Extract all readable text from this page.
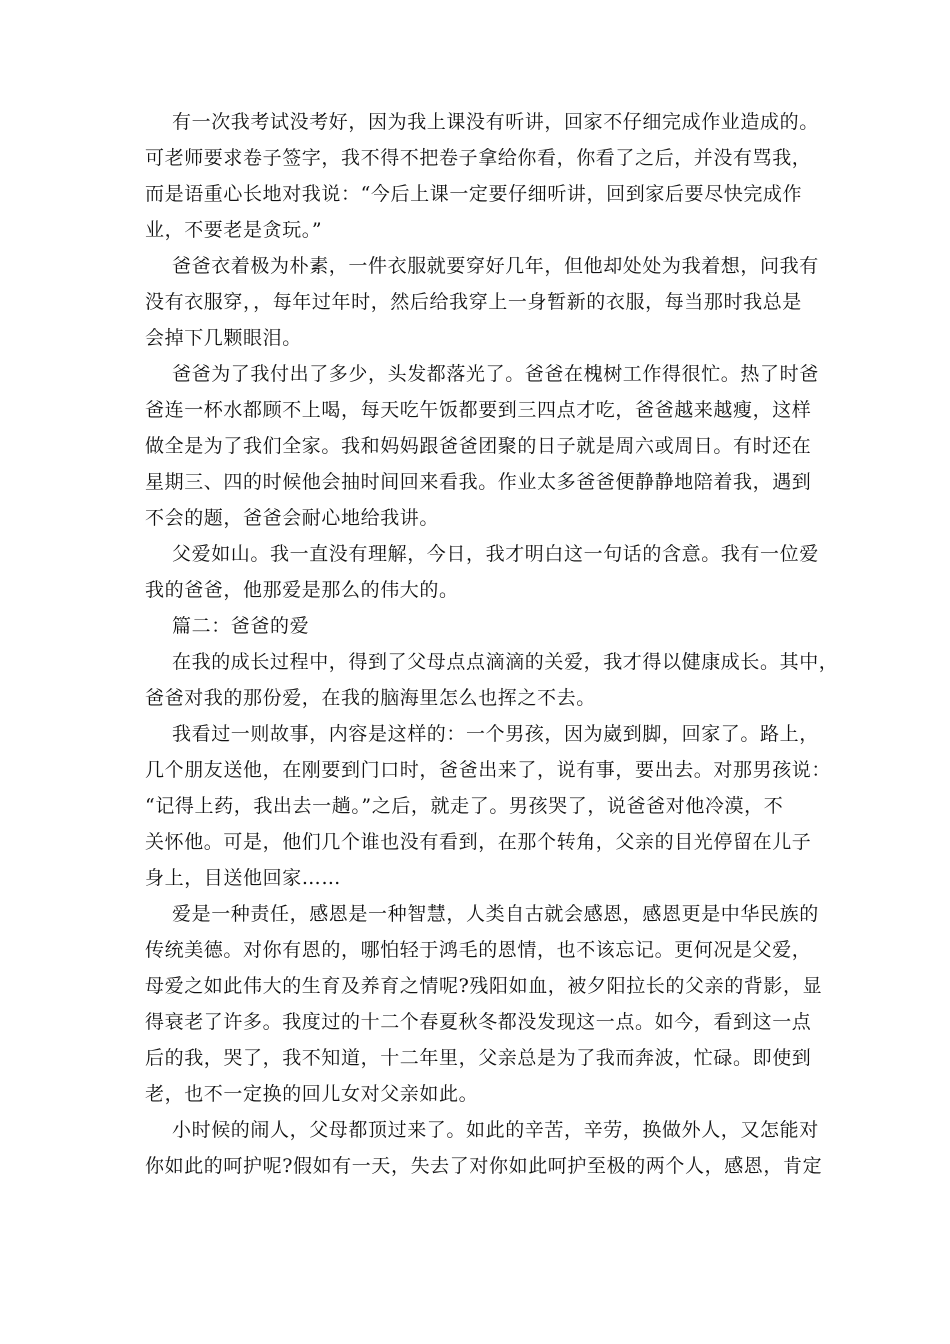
有一次我考试没考好，因为我上课没有听讲，回家不仔细完成作业造成的。
可老师要求卷子签字，我不得不把卷子拿给你看，你看了之后，并没有骂我，
而是语重心长地对我说：“今后上课一定要仔细听讲，回到家后要尽快完成作
业，不要老是贪玩。”
爸爸衣着极为朴素，一件衣服就要穿好几年，但他却处处为我着想，问我有
没有衣服穿，，每年过年时，然后给我穿上一身暂新的衣服，每当那时我总是
会掉下几颗眼泪。
爸爸为了我付出了多少，头发都落光了。爸爸在槐树工作得很忙。热了时爸
爸连一杯水都顾不上喝，每天吃午饭都要到三四点才吃，爸爸越来越瘦，这样
做全是为了我们全家。我和妈妈跟爸爸团聚的日子就是周六或周日。有时还在
星期三、四的时候他会抽时间回来看我。作业太多爸爸便静静地陪着我，遇到
不会的题，爸爸会耐心地给我讲。
父爱如山。我一直没有理解，今日，我才明白这一句话的含意。我有一位爱
我的爸爸，他那爱是那么的伟大的。
篇二：爸爸的爱
在我的成长过程中，得到了父母点点滴滴的关爱，我才得以健康成长。其中，
爸爸对我的那份爱，在我的脑海里怎么也挥之不去。
我看过一则故事，内容是这样的：一个男孩，因为崴到脚，回家了。路上，
几个朋友送他，在刚要到门口时，爸爸出来了，说有事，要出去。对那男孩说：
“记得上药，我出去一趟。”之后，就走了。男孩哭了，说爸爸对他冷漠，不
关怀他。可是，他们几个谁也没有看到，在那个转角，父亲的目光停留在儿子
身上，目送他回家……
爱是一种责任，感恩是一种智慧，人类自古就会感恩，感恩更是中华民族的
传统美德。对你有恩的，哪怕轻于鸿毛的恩情，也不该忘记。更何况是父爱，
母爱之如此伟大的生育及养育之情呢?残阳如血，被夕阳拉长的父亲的背影，显
得衰老了许多。我度过的十二个春夏秋冬都没发现这一点。如今，看到这一点
后的我，哭了，我不知道，十二年里，父亲总是为了我而奔波，忙碌。即使到
老，也不一定换的回儿女对父亲如此。
小时候的闹人，父母都顶过来了。如此的辛苦，辛劳，换做外人，又怎能对
你如此的呵护呢?假如有一天，失去了对你如此呵护至极的两个人，感恩，肯定
